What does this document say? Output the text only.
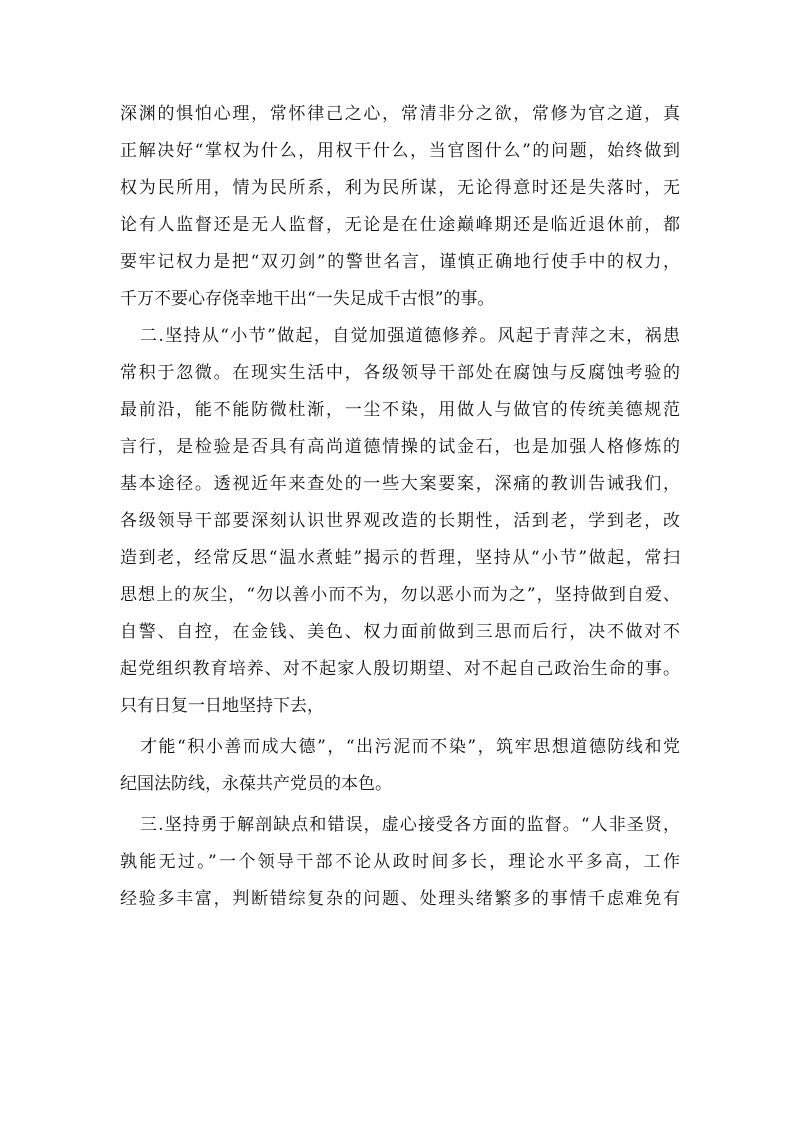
深渊的惧怕心理，常怀律己之心，常清非分之欲，常修为官之道，真
正解决好“掌权为什么，用权干什么，当官图什么”的问题，始终做到
权为民所用，情为民所系，利为民所谋，无论得意时还是失落时，无
论有人监督还是无人监督，无论是在仕途巅峰期还是临近退休前，都
要牢记权力是把“双刃剑”的警世名言，谨慎正确地行使手中的权力，
千万不要心存侥幸地干出“一失足成千古恨”的事。
二.坚持从“小节”做起，自觉加强道德修养。风起于青萍之末，祸患
常积于忽微。在现实生活中，各级领导干部处在腐蚀与反腐蚀考验的
最前沿，能不能防微杜渐，一尘不染，用做人与做官的传统美德规范
言行，是检验是否具有高尚道德情操的试金石，也是加强人格修炼的
基本途径。透视近年来查处的一些大案要案，深痛的教训告诫我们，
各级领导干部要深刻认识世界观改造的长期性，活到老，学到老，改
造到老，经常反思“温水煮蛙”揭示的哲理，坚持从“小节”做起，常扫
思想上的灰尘，“勿以善小而不为，勿以恶小而为之”，坚持做到自爱、
自警、自控，在金钱、美色、权力面前做到三思而后行，决不做对不
起党组织教育培养、对不起家人殷切期望、对不起自己政治生命的事。
只有日复一日地坚持下去，
才能“积小善而成大德”，“出污泥而不染”，筑牢思想道德防线和党
纪国法防线，永葆共产党员的本色。
三.坚持勇于解剖缺点和错误，虚心接受各方面的监督。“人非圣贤，
孰能无过。”一个领导干部不论从政时间多长，理论水平多高，工作
经验多丰富，判断错综复杂的问题、处理头绪繁多的事情千虑难免有
